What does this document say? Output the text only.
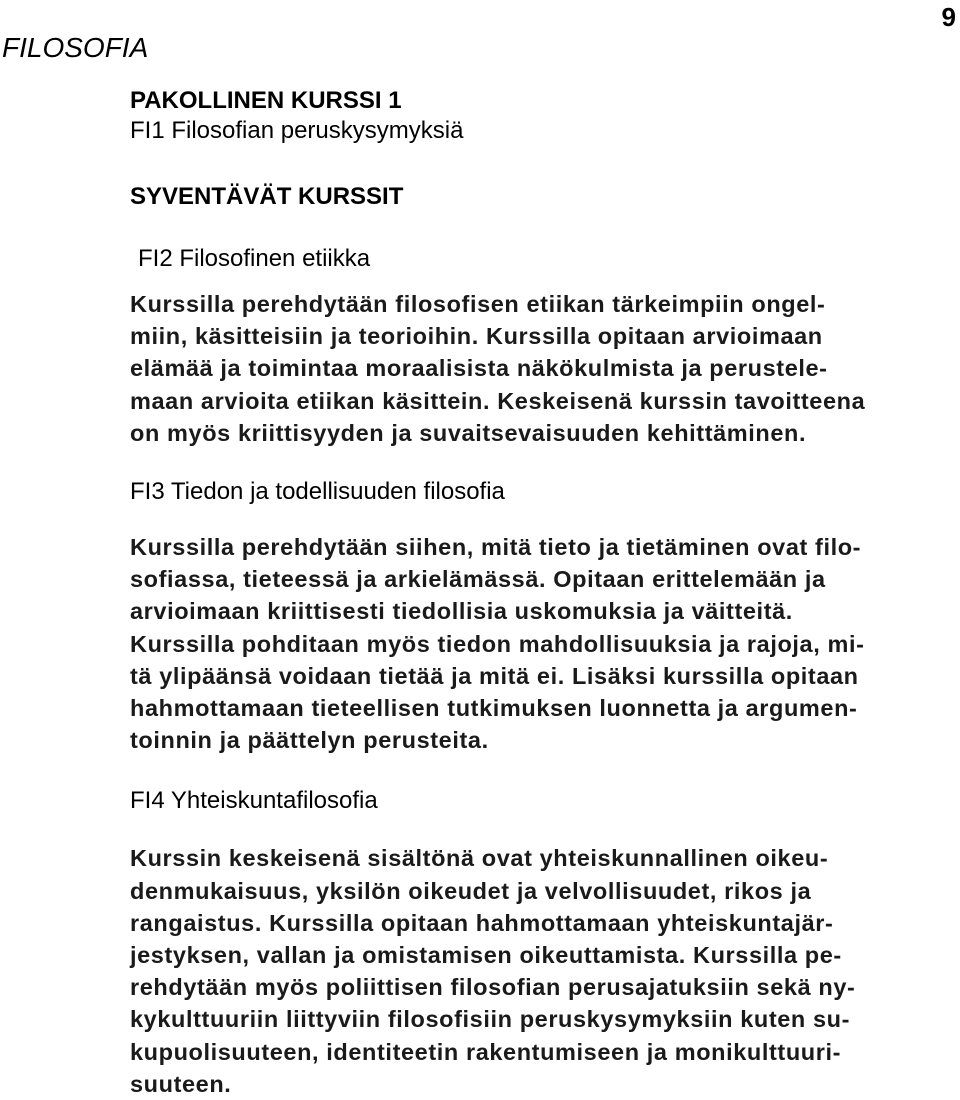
9
FILOSOFIA
PAKOLLINEN KURSSI 1
FI1 Filosofian peruskysymyksiä
SYVENTÄVÄT KURSSIT
FI2 Filosofinen etiikka
Kurssilla perehdytään filosofisen etiikan tärkeimpiin ongel-
miin, käsitteisiin ja teorioihin. Kurssilla opitaan arvioimaan
elämää ja toimintaa moraalisista näkökulmista ja perustele-
maan arvioita etiikan käsittein. Keskeisenä kurssin tavoitteena
on myös kriittisyyden ja suvaitsevaisuuden kehittäminen.
FI3 Tiedon ja todellisuuden filosofia
Kurssilla perehdytään siihen, mitä tieto ja tietäminen ovat filo-
sofiassa, tieteessä ja arkielämässä. Opitaan erittelemään ja
arvioimaan kriittisesti tiedollisia uskomuksia ja väitteitä.
Kurssilla pohditaan myös tiedon mahdollisuuksia ja rajoja, mi-
tä ylipäänsä voidaan tietää ja mitä ei. Lisäksi kurssilla opitaan
hahmottamaan tieteellisen tutkimuksen luonnetta ja argumen-
toinnin ja päättelyn perusteita.
FI4 Yhteiskuntafilosofia
Kurssin keskeisenä sisältönä ovat yhteiskunnallinen oikeu-
denmukaisuus, yksilön oikeudet ja velvollisuudet, rikos ja
rangaistus. Kurssilla opitaan hahmottamaan yhteiskuntajär-
jestyksen, vallan ja omistamisen oikeuttamista. Kurssilla pe-
rehdytään myös poliittisen filosofian perusajatuksiin sekä ny-
kykulttuuriin liittyviin filosofisiin peruskysymyksiin kuten su-
kupuolisuuteen, identiteetin rakentumiseen ja monikulttuuri-
suuteen.
